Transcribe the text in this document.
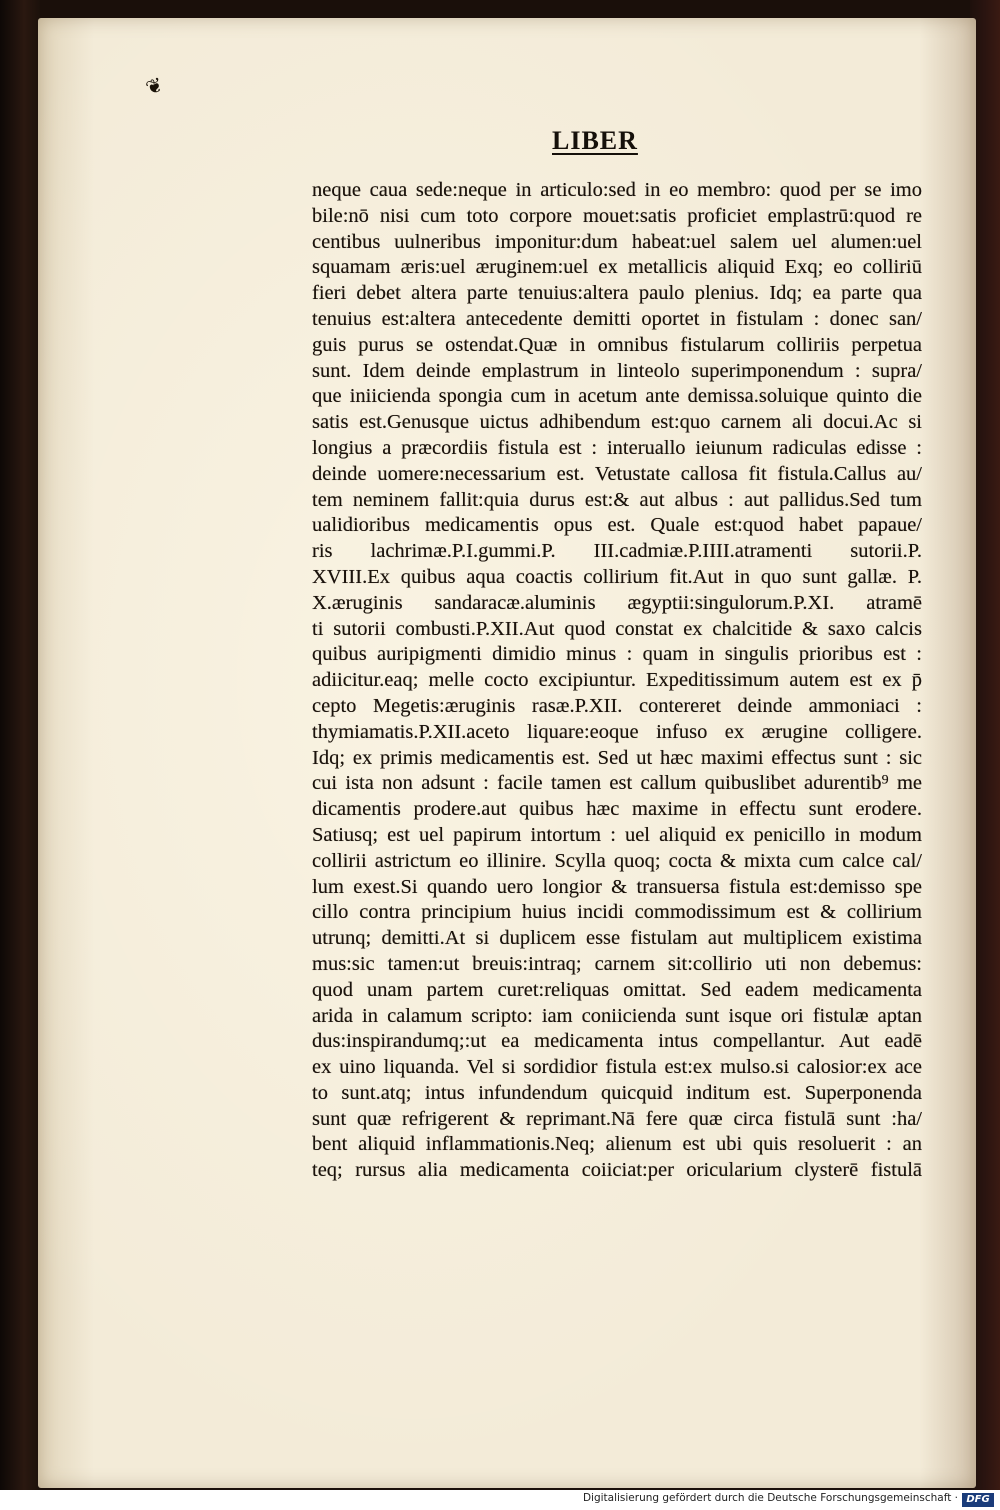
❦
LIBER
neque caua sede:neque in articulo:sed in eo membro: quod per se imo
bile:nō nisi cum toto corpore mouet:satis proficiet emplastrū:quod re
centibus uulneribus imponitur:dum habeat:uel salem uel alumen:uel
squamam æris:uel æruginem:uel ex metallicis aliquid Exq; eo colliriū
fieri debet altera parte tenuius:altera paulo plenius. Idq; ea parte qua
tenuius est:altera antecedente demitti oportet in fistulam : donec san/
guis purus se ostendat.Quæ in omnibus fistularum colliriis perpetua
sunt. Idem deinde emplastrum in linteolo superimponendum : supra/
que iniicienda spongia cum in acetum ante demissa.soluique quinto die
satis est.Genusque uictus adhibendum est:quo carnem ali docui.Ac si
longius a præcordiis fistula est : interuallo ieiunum radiculas edisse :
deinde uomere:necessarium est. Vetustate callosa fit fistula.Callus au/
tem neminem fallit:quia durus est:& aut albus : aut pallidus.Sed tum
ualidioribus medicamentis opus est. Quale est:quod habet papaue/
ris lachrimæ.P.I.gummi.P. III.cadmiæ.P.IIII.atramenti sutorii.P.
XVIII.Ex quibus aqua coactis collirium fit.Aut in quo sunt gallæ. P.
X.æruginis sandaracæ.aluminis ægyptii:singulorum.P.XI. atramē
ti sutorii combusti.P.XII.Aut quod constat ex chalcitide & saxo calcis
quibus auripigmenti dimidio minus : quam in singulis prioribus est :
adiicitur.eaq; melle cocto excipiuntur. Expeditissimum autem est ex p̄
cepto Megetis:æruginis rasæ.P.XII. contereret deinde ammoniaci :
thymiamatis.P.XII.aceto liquare:eoque infuso ex ærugine colligere.
Idq; ex primis medicamentis est. Sed ut hæc maximi effectus sunt : sic
cui ista non adsunt : facile tamen est callum quibuslibet adurentib⁹ me
dicamentis prodere.aut quibus hæc maxime in effectu sunt erodere.
Satiusq; est uel papirum intortum : uel aliquid ex penicillo in modum
collirii astrictum eo illinire. Scylla quoq; cocta & mixta cum calce cal/
lum exest.Si quando uero longior & transuersa fistula est:demisso spe
cillo contra principium huius incidi commodissimum est & collirium
utrunq; demitti.At si duplicem esse fistulam aut multiplicem existima
mus:sic tamen:ut breuis:intraq; carnem sit:collirio uti non debemus:
quod unam partem curet:reliquas omittat. Sed eadem medicamenta
arida in calamum scripto: iam coniicienda sunt isque ori fistulæ aptan
dus:inspirandumq;:ut ea medicamenta intus compellantur. Aut eadē
ex uino liquanda. Vel si sordidior fistula est:ex mulso.si calosior:ex ace
to sunt.atq; intus infundendum quicquid inditum est. Superponenda
sunt quæ refrigerent & reprimant.Nā fere quæ circa fistulā sunt :ha/
bent aliquid inflammationis.Neq; alienum est ubi quis resoluerit : an
teq; rursus alia medicamenta coiiciat:per oricularium clysterē fistulā
Digitalisierung gefördert durch die Deutsche Forschungsgemeinschaft · DFG
